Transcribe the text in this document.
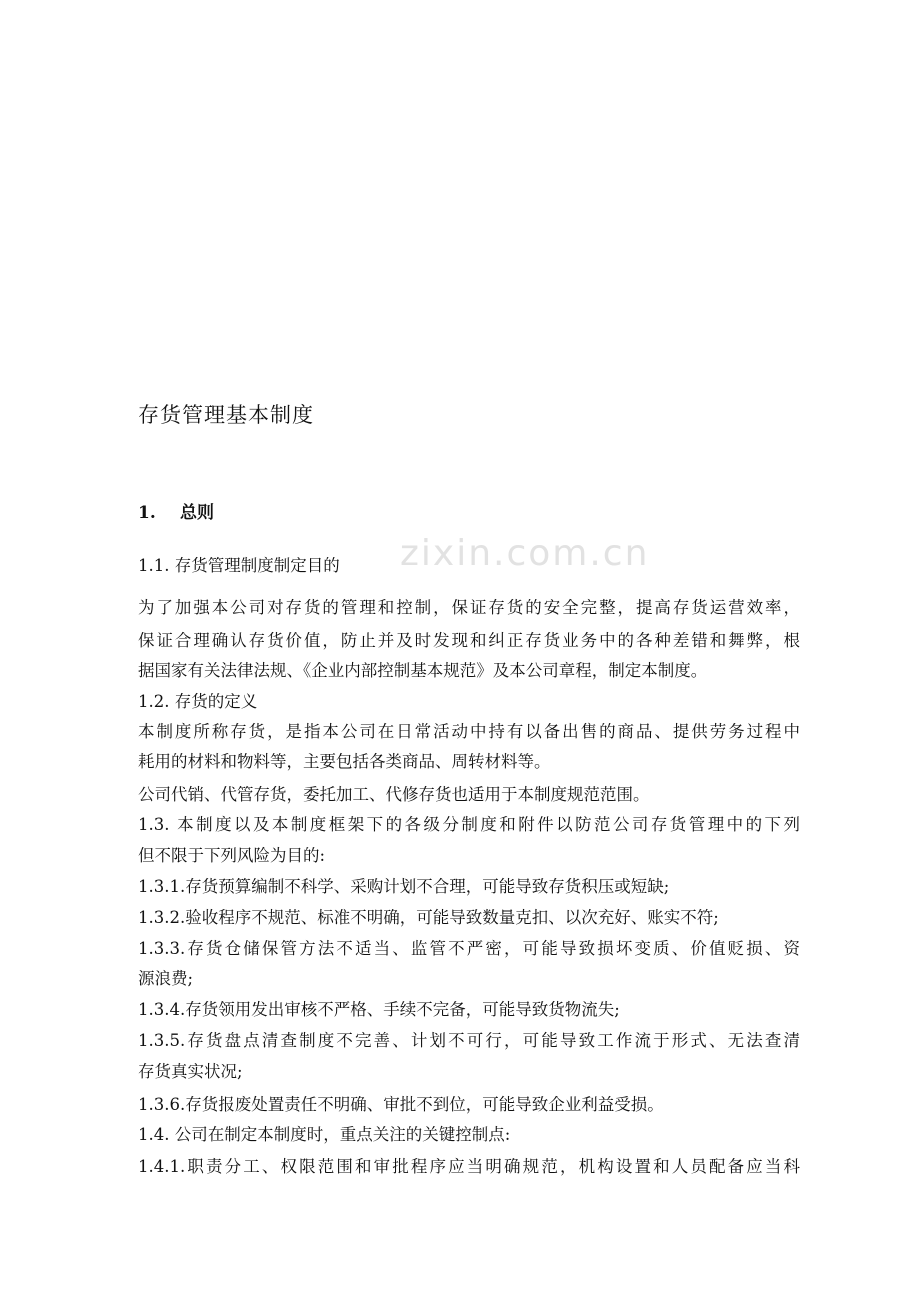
zixin.com.cn
存货管理基本制度
1. 总则
1.1. 存货管理制度制定目的
为了加强本公司对存货的管理和控制，保证存货的安全完整，提高存货运营效率，
保证合理确认存货价值，防止并及时发现和纠正存货业务中的各种差错和舞弊，根
据国家有关法律法规、《企业内部控制基本规范》及本公司章程，制定本制度。
1.2. 存货的定义
本制度所称存货，是指本公司在日常活动中持有以备出售的商品、提供劳务过程中
耗用的材料和物料等，主要包括各类商品、周转材料等。
公司代销、代管存货，委托加工、代修存货也适用于本制度规范范围。
1.3. 本制度以及本制度框架下的各级分制度和附件以防范公司存货管理中的下列
但不限于下列风险为目的:
1.3.1.存货预算编制不科学、采购计划不合理，可能导致存货积压或短缺;
1.3.2.验收程序不规范、标准不明确，可能导致数量克扣、以次充好、账实不符;
1.3.3.存货仓储保管方法不适当、监管不严密，可能导致损坏变质、价值贬损、资
源浪费;
1.3.4.存货领用发出审核不严格、手续不完备，可能导致货物流失;
1.3.5.存货盘点清查制度不完善、计划不可行，可能导致工作流于形式、无法查清
存货真实状况;
1.3.6.存货报废处置责任不明确、审批不到位，可能导致企业利益受损。
1.4. 公司在制定本制度时，重点关注的关键控制点:
1.4.1.职责分工、权限范围和审批程序应当明确规范，机构设置和人员配备应当科
